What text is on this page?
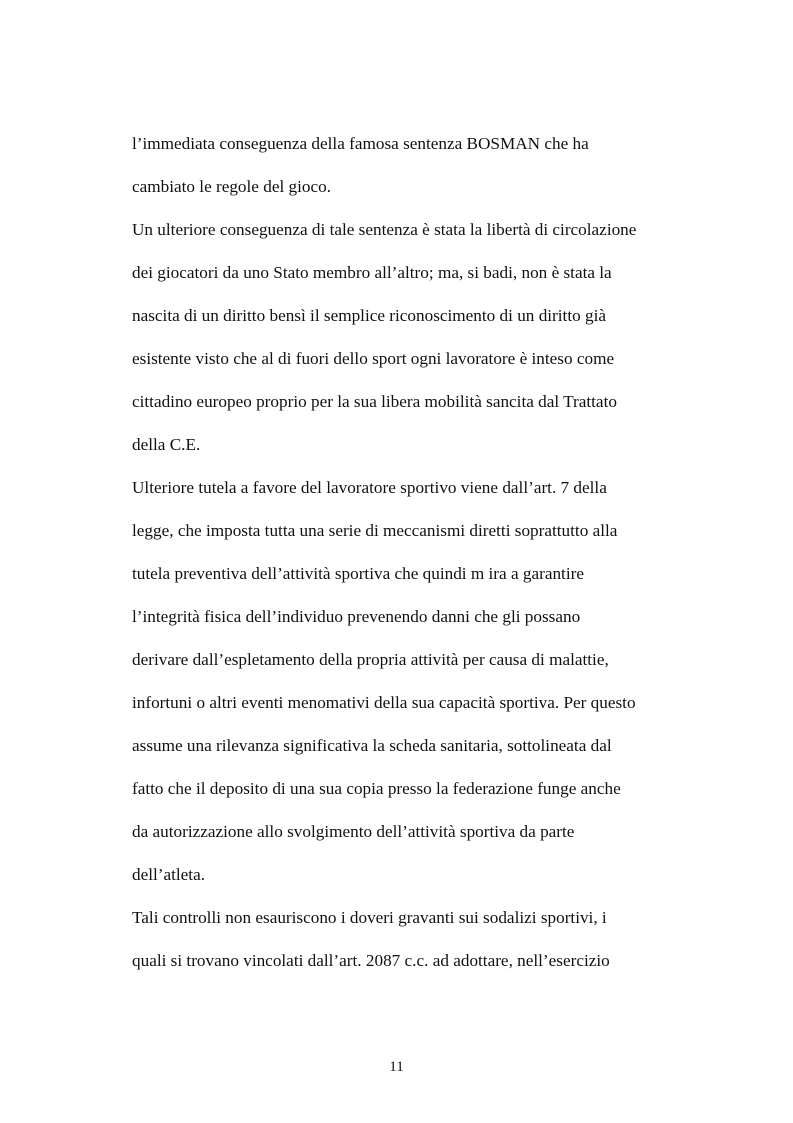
l’immediata conseguenza della famosa sentenza BOSMAN che ha
cambiato le regole del gioco.
Un ulteriore conseguenza di tale sentenza è stata la libertà di circolazione
dei giocatori da uno Stato membro all’altro; ma, si badi, non è stata la
nascita di un diritto bensì il semplice riconoscimento di un diritto già
esistente visto che al di fuori dello sport ogni lavoratore è inteso come
cittadino europeo proprio per la sua libera mobilità sancita dal Trattato
della C.E.
Ulteriore tutela a favore del lavoratore sportivo viene dall’art. 7 della
legge, che imposta tutta una serie di meccanismi diretti soprattutto alla
tutela preventiva dell’attività sportiva che quindi m ira a garantire
l’integrità fisica dell’individuo prevenendo danni che gli possano
derivare dall’espletamento della propria attività per causa di malattie,
infortuni o altri eventi menomativi della sua capacità sportiva. Per questo
assume una rilevanza significativa la scheda sanitaria, sottolineata dal
fatto che il deposito di una sua copia presso la federazione funge anche
da autorizzazione allo svolgimento dell’attività sportiva da parte
dell’atleta.
Tali controlli non esauriscono i doveri gravanti sui sodalizi sportivi, i
quali si trovano vincolati dall’art. 2087 c.c. ad adottare, nell’esercizio
11
